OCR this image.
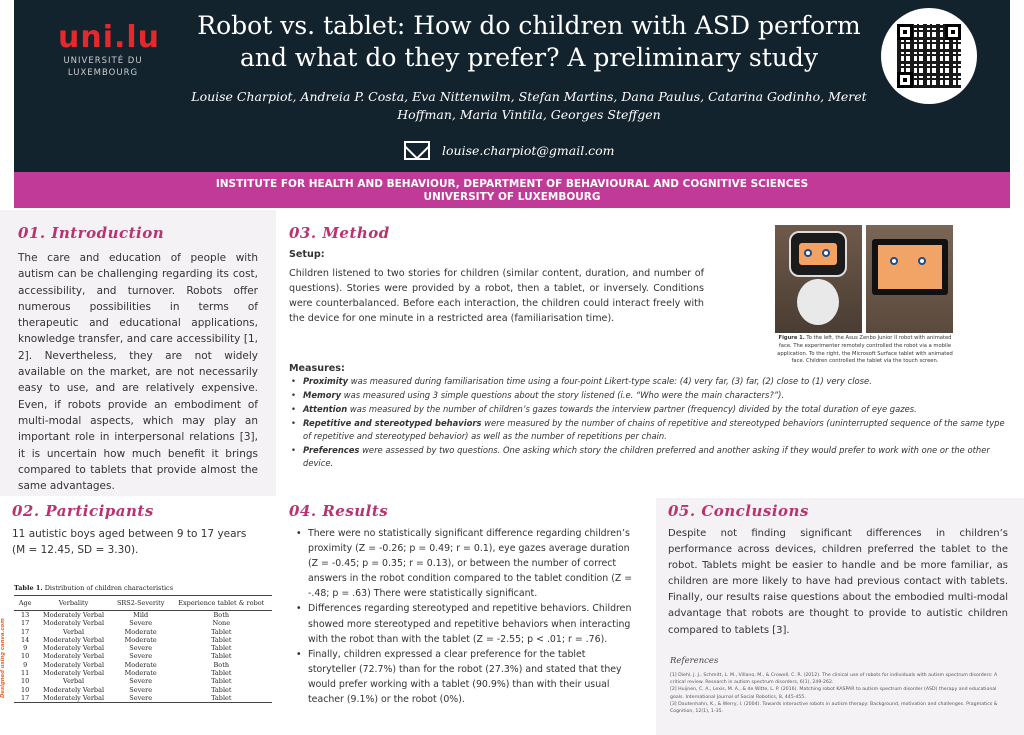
uni.lu
UNIVERSITÉ DU
LUXEMBOURG
Robot vs. tablet: How do children with ASD perform
and what do they prefer? A preliminary study
Louise Charpiot, Andreia P. Costa, Eva Nittenwilm, Stefan Martins, Dana Paulus, Catarina Godinho, Meret
Hoffman, Maria Vintila, Georges Steffgen
louise.charpiot@gmail.com
INSTITUTE FOR HEALTH AND BEHAVIOUR, DEPARTMENT OF BEHAVIOURAL AND COGNITIVE SCIENCES
UNIVERSITY OF LUXEMBOURG
01. Introduction
The care and education of people with autism can be challenging regarding its cost, accessibility, and turnover. Robots offer numerous possibilities in terms of therapeutic and educational applications, knowledge transfer, and care accessibility [1, 2]. Nevertheless, they are not widely available on the market, are not necessarily easy to use, and are relatively expensive. Even, if robots provide an embodiment of multi-modal aspects, which may play an important role in interpersonal relations [3], it is uncertain how much benefit it brings compared to tablets that provide almost the same advantages.
03. Method
Setup:
Children listened to two stories for children (similar content, duration, and number of questions). Stories were provided by a robot, then a tablet, or inversely. Conditions were counterbalanced. Before each interaction, the children could interact freely with the device for one minute in a restricted area (familiarisation time).
Measures:
• Proximity was measured during familiarisation time using a four-point Likert-type scale: (4) very far, (3) far, (2) close to (1) very close.
• Memory was measured using 3 simple questions about the story listened (i.e. “Who were the main characters?”).
• Attention was measured by the number of children’s gazes towards the interview partner (frequency) divided by the total duration of eye gazes.
• Repetitive and stereotyped behaviors were measured by the number of chains of repetitive and stereotyped behaviors (uninterrupted sequence of the same type of repetitive and stereotyped behavior) as well as the number of repetitions per chain.
• Preferences were assessed by two questions. One asking which story the children preferred and another asking if they would prefer to work with one or the other device.
Figure 1. To the left, the Asus Zenbo Junior II robot with animated face. The experimenter remotely controlled the robot via a mobile application. To the right, the Microsoft Surface tablet with animated face. Children controlled the tablet via the touch screen.
02. Participants
11 autistic boys aged between 9 to 17 years
(M = 12.45, SD = 3.30).
Table 1. Distribution of children characteristics
Age	Verbality	SRS2-Severity	Experience tablet & robot
13	Moderately Verbal	Mild	Both
17	Moderately Verbal	Severe	None
17	Verbal	Moderate	Tablet
14	Moderately Verbal	Moderate	Tablet
9	Moderately Verbal	Severe	Tablet
10	Moderately Verbal	Severe	Tablet
9	Moderately Verbal	Moderate	Both
11	Moderately Verbal	Moderate	Tablet
10	Verbal	Severe	Tablet
10	Moderately Verbal	Severe	Tablet
17	Moderately Verbal	Severe	Tablet
Designed using canva.com
04. Results
• There were no statistically significant difference regarding children’s proximity (Z = -0.26; p = 0.49; r = 0.1), eye gazes average duration (Z = -0.45; p = 0.35; r = 0.13), or between the number of correct answers in the robot condition compared to the tablet condition (Z = -.48; p = .63) There were statistically significant.
• Differences regarding stereotyped and repetitive behaviors. Children showed more stereotyped and repetitive behaviors when interacting with the robot than with the tablet (Z = -2.55; p < .01; r = .76).
• Finally, children expressed a clear preference for the tablet storyteller (72.7%) than for the robot (27.3%) and stated that they would prefer working with a tablet (90.9%) than with their usual teacher (9.1%) or the robot (0%).
05. Conclusions
Despite not finding significant differences in children’s performance across devices, children preferred the tablet to the robot. Tablets might be easier to handle and be more familiar, as children are more likely to have had previous contact with tablets. Finally, our results raise questions about the embodied multi-modal advantage that robots are thought to provide to autistic children compared to tablets [3].
References
[1] Diehl, J. J., Schmitt, L. M., Villano, M., & Crowell, C. R. (2012). The clinical use of robots for individuals with autism spectrum disorders: A critical review. Research in autism spectrum disorders, 6(1), 249-262.
[2] Huijnen, C. A., Lexis, M. A., & de Witte, L. P. (2016). Matching robot KASPAR to autism spectrum disorder (ASD) therapy and educational goals. International Journal of Social Robotics, 8, 445-455.
[3] Dautenhahn, K., & Werry, I. (2004). Towards interactive robots in autism therapy: Background, motivation and challenges. Pragmatics & Cognition, 12(1), 1-35.
